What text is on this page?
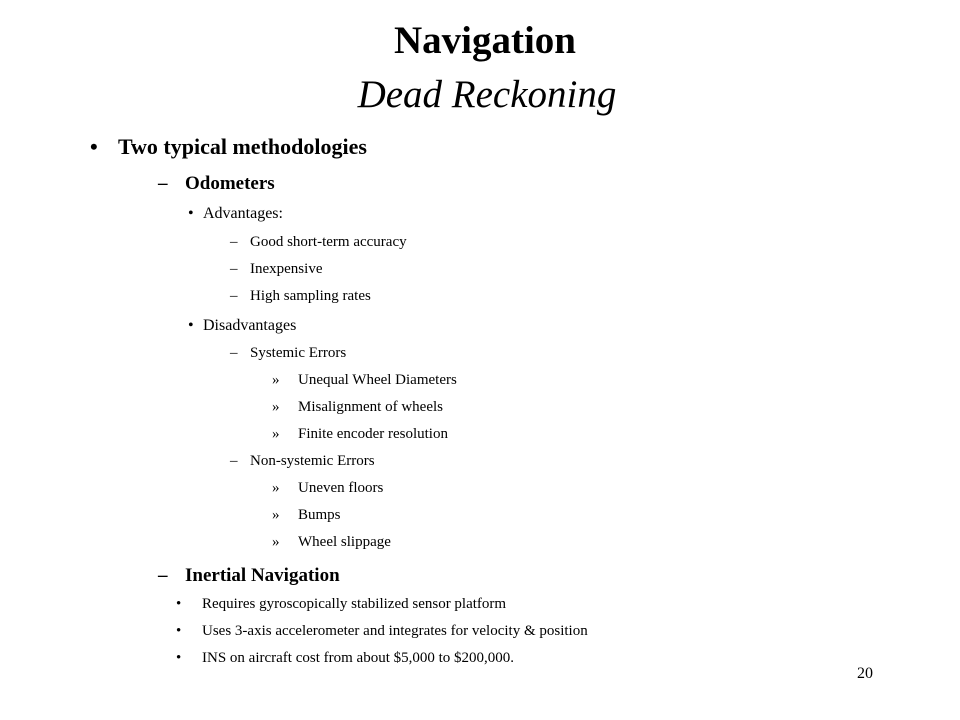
Navigation
Dead Reckoning
• Two typical methodologies
– Odometers
• Advantages:
– Good short-term accuracy
– Inexpensive
– High sampling rates
• Disadvantages
– Systemic Errors
» Unequal Wheel Diameters
» Misalignment of wheels
» Finite encoder resolution
– Non-systemic Errors
» Uneven floors
» Bumps
» Wheel slippage
– Inertial Navigation
• Requires gyroscopically stabilized sensor platform
• Uses 3-axis accelerometer and integrates for velocity & position
• INS on aircraft cost from about $5,000 to $200,000.
20
